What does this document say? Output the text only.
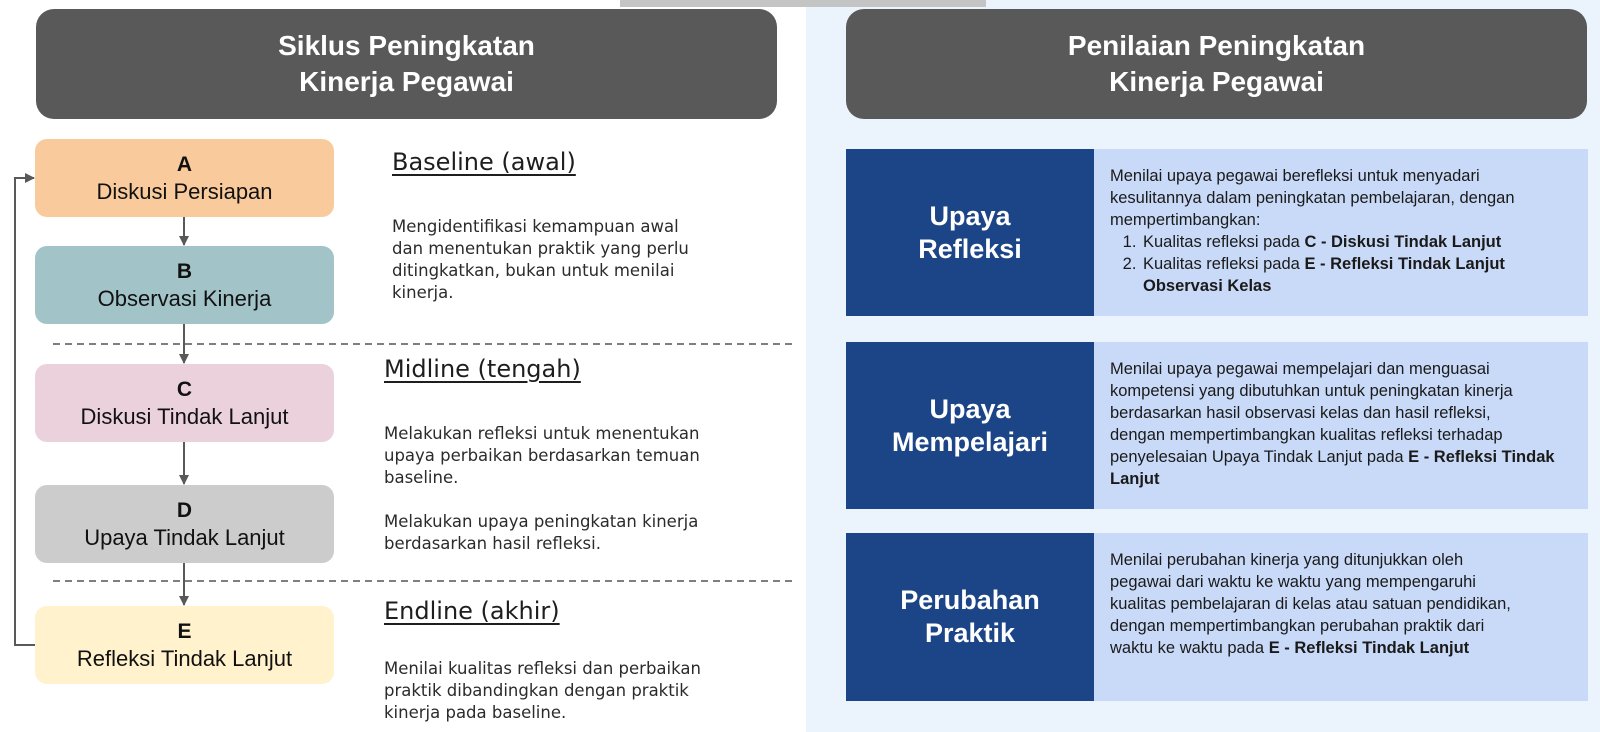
Siklus Peningkatan
Kinerja Pegawai
Penilaian Peningkatan
Kinerja Pegawai
A
Diskusi Persiapan
B
Observasi Kinerja
C
Diskusi Tindak Lanjut
D
Upaya Tindak Lanjut
E
Refleksi Tindak Lanjut
Baseline (awal)
Mengidentifikasi kemampuan awal
dan menentukan praktik yang perlu
ditingkatkan, bukan untuk menilai
kinerja.
Midline (tengah)
Melakukan refleksi untuk menentukan
upaya perbaikan berdasarkan temuan
baseline.
Melakukan upaya peningkatan kinerja
berdasarkan hasil refleksi.
Endline (akhir)
Menilai kualitas refleksi dan perbaikan
praktik dibandingkan dengan praktik
kinerja pada baseline.
Upaya
Refleksi
Menilai upaya pegawai berefleksi untuk menyadari
kesulitannya dalam peningkatan pembelajaran, dengan
mempertimbangkan:
1. Kualitas refleksi pada C - Diskusi Tindak Lanjut
2. Kualitas refleksi pada E - Refleksi Tindak Lanjut Observasi Kelas
Upaya
Mempelajari
Menilai upaya pegawai mempelajari dan menguasai
kompetensi yang dibutuhkan untuk peningkatan kinerja
berdasarkan hasil observasi kelas dan hasil refleksi,
dengan mempertimbangkan kualitas refleksi terhadap
penyelesaian Upaya Tindak Lanjut pada E - Refleksi Tindak Lanjut
Perubahan
Praktik
Menilai perubahan kinerja yang ditunjukkan oleh
pegawai dari waktu ke waktu yang mempengaruhi
kualitas pembelajaran di kelas atau satuan pendidikan,
dengan mempertimbangkan perubahan praktik dari
waktu ke waktu pada E - Refleksi Tindak Lanjut
